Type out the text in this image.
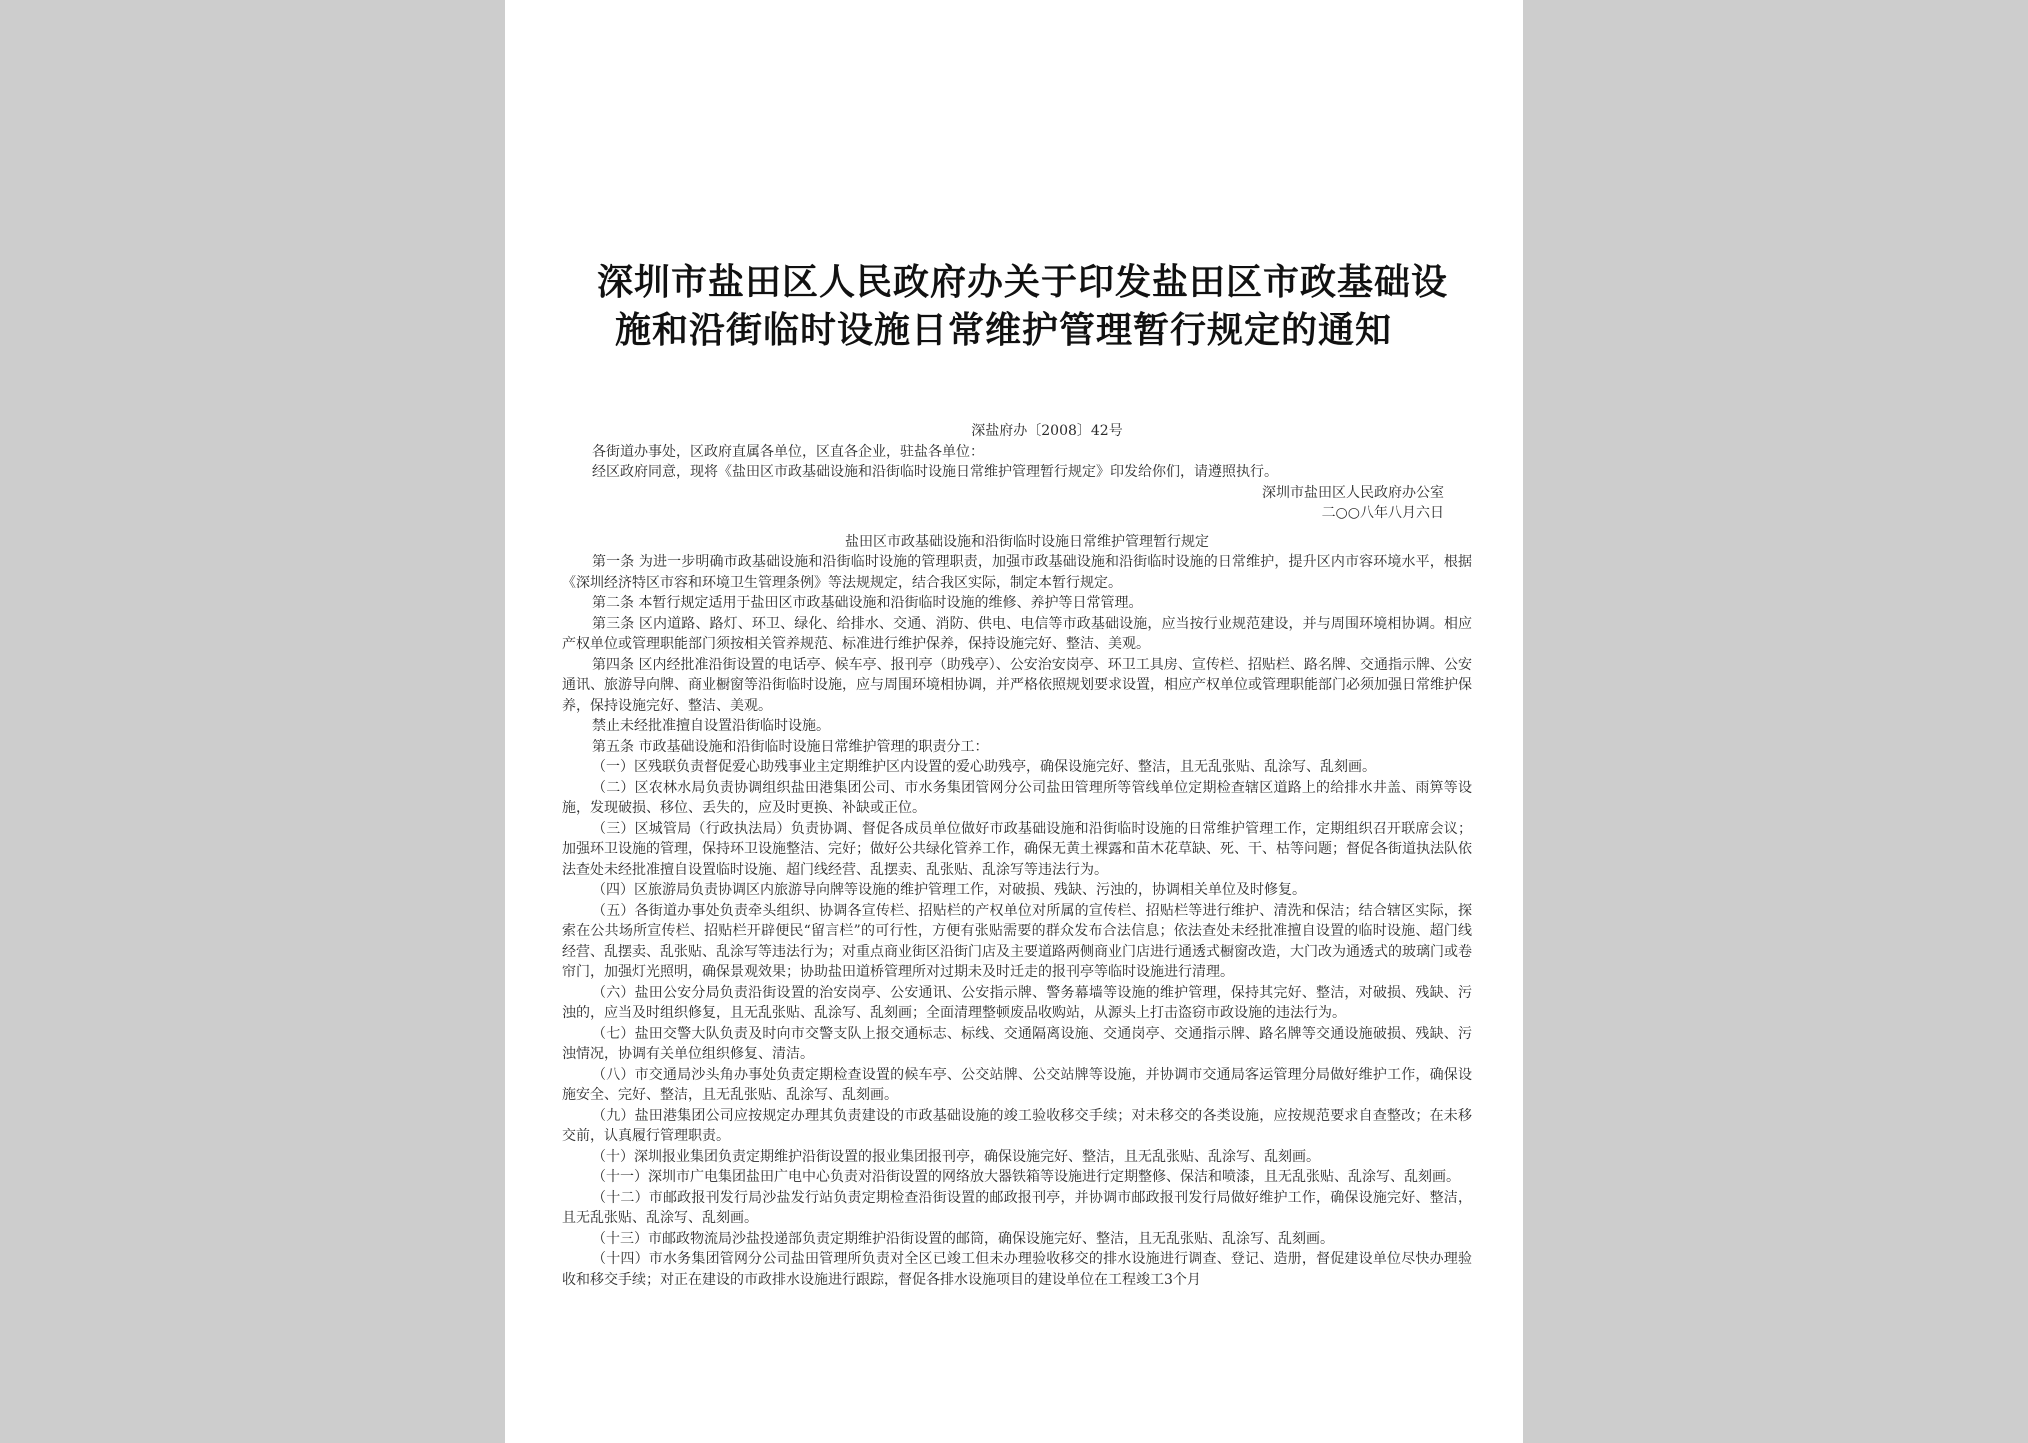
深圳市盐田区人民政府办关于印发盐田区市政基础设
施和沿街临时设施日常维护管理暂行规定的通知

深盐府办〔2008〕42号

各街道办事处，区政府直属各单位，区直各企业，驻盐各单位：

经区政府同意，现将《盐田区市政基础设施和沿街临时设施日常维护管理暂行规定》印发给你们，请遵照执行。

深圳市盐田区人民政府办公室

二○○八年八月六日

盐田区市政基础设施和沿街临时设施日常维护管理暂行规定

第一条 为进一步明确市政基础设施和沿街临时设施的管理职责，加强市政基础设施和沿街临时设施的日常维护，提升区内市容环境水平，根据《深圳经济特区市容和环境卫生管理条例》等法规规定，结合我区实际，制定本暂行规定。

第二条 本暂行规定适用于盐田区市政基础设施和沿街临时设施的维修、养护等日常管理。

第三条 区内道路、路灯、环卫、绿化、给排水、交通、消防、供电、电信等市政基础设施，应当按行业规范建设，并与周围环境相协调。相应产权单位或管理职能部门须按相关管养规范、标准进行维护保养，保持设施完好、整洁、美观。

第四条 区内经批准沿街设置的电话亭、候车亭、报刊亭（助残亭）、公安治安岗亭、环卫工具房、宣传栏、招贴栏、路名牌、交通指示牌、公安通讯、旅游导向牌、商业橱窗等沿街临时设施，应与周围环境相协调，并严格依照规划要求设置，相应产权单位或管理职能部门必须加强日常维护保养，保持设施完好、整洁、美观。

禁止未经批准擅自设置沿街临时设施。

第五条 市政基础设施和沿街临时设施日常维护管理的职责分工：

（一）区残联负责督促爱心助残事业主定期维护区内设置的爱心助残亭，确保设施完好、整洁，且无乱张贴、乱涂写、乱刻画。

（二）区农林水局负责协调组织盐田港集团公司、市水务集团管网分公司盐田管理所等管线单位定期检查辖区道路上的给排水井盖、雨箅等设施，发现破损、移位、丢失的，应及时更换、补缺或正位。

（三）区城管局（行政执法局）负责协调、督促各成员单位做好市政基础设施和沿街临时设施的日常维护管理工作，定期组织召开联席会议；加强环卫设施的管理，保持环卫设施整洁、完好；做好公共绿化管养工作，确保无黄土裸露和苗木花草缺、死、干、枯等问题；督促各街道执法队依法查处未经批准擅自设置临时设施、超门线经营、乱摆卖、乱张贴、乱涂写等违法行为。

（四）区旅游局负责协调区内旅游导向牌等设施的维护管理工作，对破损、残缺、污浊的，协调相关单位及时修复。

（五）各街道办事处负责牵头组织、协调各宣传栏、招贴栏的产权单位对所属的宣传栏、招贴栏等进行维护、清洗和保洁；结合辖区实际，探索在公共场所宣传栏、招贴栏开辟便民“留言栏”的可行性，方便有张贴需要的群众发布合法信息；依法查处未经批准擅自设置的临时设施、超门线经营、乱摆卖、乱张贴、乱涂写等违法行为；对重点商业街区沿街门店及主要道路两侧商业门店进行通透式橱窗改造，大门改为通透式的玻璃门或卷帘门，加强灯光照明，确保景观效果；协助盐田道桥管理所对过期未及时迁走的报刊亭等临时设施进行清理。

（六）盐田公安分局负责沿街设置的治安岗亭、公安通讯、公安指示牌、警务幕墙等设施的维护管理，保持其完好、整洁，对破损、残缺、污浊的，应当及时组织修复，且无乱张贴、乱涂写、乱刻画；全面清理整顿废品收购站，从源头上打击盗窃市政设施的违法行为。

（七）盐田交警大队负责及时向市交警支队上报交通标志、标线、交通隔离设施、交通岗亭、交通指示牌、路名牌等交通设施破损、残缺、污浊情况，协调有关单位组织修复、清洁。

（八）市交通局沙头角办事处负责定期检查设置的候车亭、公交站牌、公交站牌等设施，并协调市交通局客运管理分局做好维护工作，确保设施安全、完好、整洁，且无乱张贴、乱涂写、乱刻画。

（九）盐田港集团公司应按规定办理其负责建设的市政基础设施的竣工验收移交手续；对未移交的各类设施，应按规范要求自查整改；在未移交前，认真履行管理职责。

（十）深圳报业集团负责定期维护沿街设置的报业集团报刊亭，确保设施完好、整洁，且无乱张贴、乱涂写、乱刻画。

（十一）深圳市广电集团盐田广电中心负责对沿街设置的网络放大器铁箱等设施进行定期整修、保洁和喷漆，且无乱张贴、乱涂写、乱刻画。

（十二）市邮政报刊发行局沙盐发行站负责定期检查沿街设置的邮政报刊亭，并协调市邮政报刊发行局做好维护工作，确保设施完好、整洁，且无乱张贴、乱涂写、乱刻画。

（十三）市邮政物流局沙盐投递部负责定期维护沿街设置的邮筒，确保设施完好、整洁，且无乱张贴、乱涂写、乱刻画。

（十四）市水务集团管网分公司盐田管理所负责对全区已竣工但未办理验收移交的排水设施进行调查、登记、造册，督促建设单位尽快办理验收和移交手续；对正在建设的市政排水设施进行跟踪，督促各排水设施项目的建设单位在工程竣工3个月
